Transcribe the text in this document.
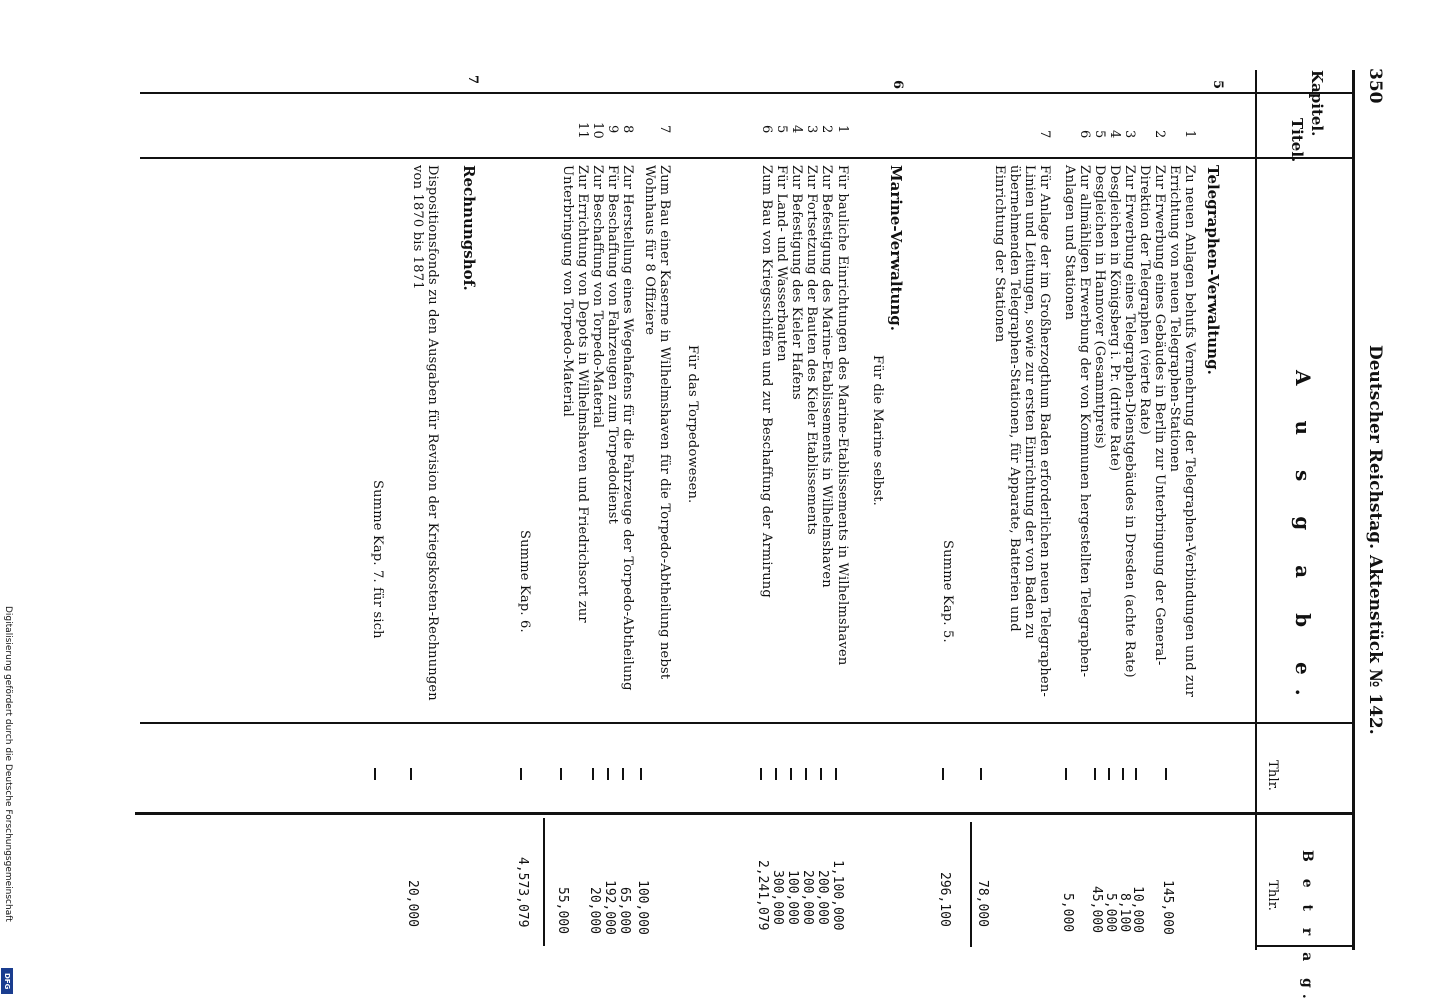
350
Kapitel.
Titel.
Deutscher Reichstag. Aktenstück № 142.
A u s g a b e.
B e t r a g.
Thlr.
Thlr.
5
Telegraphen-Verwaltung.
1
Zu neuen Anlagen behufs Vermehrung der Telegraphen-Verbindungen und zur Errichtung von neuen Telegraphen-Stationen
145,000
2
Zur Erwerbung eines Gebäudes in Berlin zur Unterbringung der General-Direktion der Telegraphen (vierte Rate)
10,000
3
Zur Erwerbung eines Telegraphen-Dienstgebäudes in Dresden (achte Rate)
8,100
4
Desgleichen in Königsberg i. Pr. (dritte Rate)
5,000
5
Desgleichen in Hannover (Gesammtpreis)
45,000
6
Zur allmähligen Erwerbung der von Kommunen hergestellten Telegraphen-Anlagen und Stationen
5,000
7
Für Anlage der im Großherzogthum Baden erforderlichen neuen Telegraphen-Linien und Leitungen, sowie zur ersten Einrichtung der von Baden zu übernehmenden Telegraphen-Stationen, für Apparate, Batterien und Einrichtung der Stationen
78,000
Summe Kap. 5.
296,100
6
Marine-Verwaltung.
Für die Marine selbst.
1
Für bauliche Einrichtungen des Marine-Etablissements in Wilhelmshaven
1,100,000
2
Zur Befestigung des Marine-Etablissements in Wilhelmshaven
200,000
3
Zur Fortsetzung der Bauten des Kieler Etablissements
200,000
4
Zur Befestigung des Kieler Hafens
100,000
5
Für Land- und Wasserbauten
300,000
6
Zum Bau von Kriegsschiffen und zur Beschaffung der Armirung
2,241,079
Für das Torpedowesen.
7
Zum Bau einer Kaserne in Wilhelmshaven für die Torpedo-Abtheilung nebst Wohnhaus für 8 Offiziere
100,000
8
Zur Herstellung eines Wegehafens für die Fahrzeuge der Torpedo-Abtheilung
65,000
9
Für Beschaffung von Fahrzeugen zum Torpedodienst
192,000
10
Zur Beschaffung von Torpedo-Material
20,000
11
Zur Errichtung von Depots in Wilhelmshaven und Friedrichsort zur Unterbringung von Torpedo-Material
55,000
Summe Kap. 6.
4,573,079
7
Rechnungshof.
Dispositionsfonds zu den Ausgaben für Revision der Kriegskosten-Rechnungen von 1870 bis 1871
20,000
Summe Kap. 7. für sich
Digitalisierung gefördert durch die Deutsche Forschungsgemeinschaft
DFG
